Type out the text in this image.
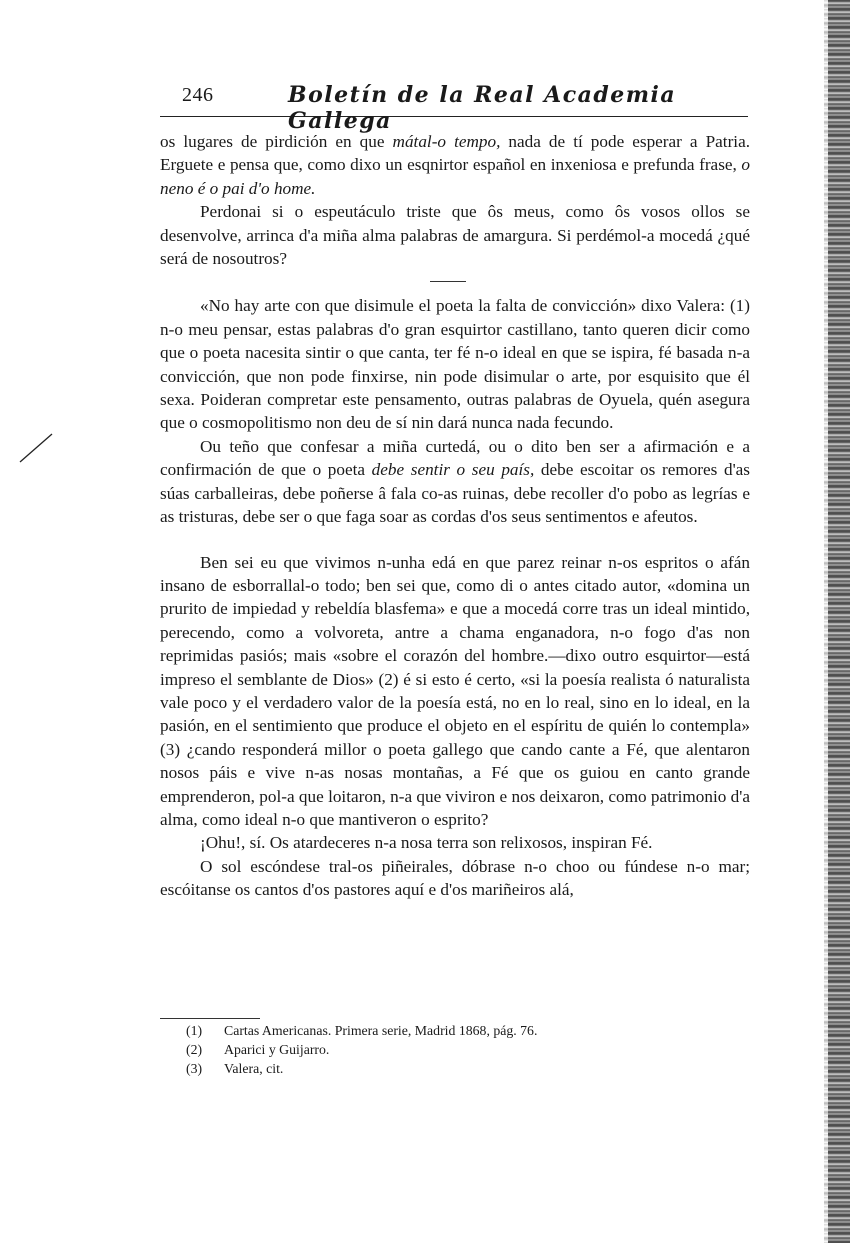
246	Boletín de la Real Academia Gallega

os lugares de pirdición en que mátal-o tempo, nada de tí pode esperar a Patria. Erguete e pensa que, como dixo un esqnirtor español en inxeniosa e prefunda frase, o neno é o pai d'o home.

Perdonai si o espeutáculo triste que ôs meus, como ôs vosos ollos se desenvolve, arrinca d'a miña alma palabras de amargura. Si perdémol-a mocedá ¿qué será de nosoutros?

«No hay arte con que disimule el poeta la falta de convicción» dixo Valera: (1) n-o meu pensar, estas palabras d'o gran esquirtor castillano, tanto queren dicir como que o poeta nacesita sintir o que canta, ter fé n-o ideal en que se ispira, fé basada n-a convicción, que non pode finxirse, nin pode disimular o arte, por esquisito que él sexa. Poideran compretar este pensamento, outras palabras de Oyuela, quén asegura que o cosmopolitismo non deu de sí nin dará nunca nada fecundo.

Ou teño que confesar a miña curtedá, ou o dito ben ser a afirmación e a confirmación de que o poeta debe sentir o seu país, debe escoitar os remores d'as súas carballeiras, debe poñerse â fala co-as ruinas, debe recoller d'o pobo as legrías e as tristuras, debe ser o que faga soar as cordas d'os seus sentimentos e afeutos.

Ben sei eu que vivimos n-unha edá en que parez reinar n-os espritos o afán insano de esborrallal-o todo; ben sei que, como di o antes citado autor, «domina un prurito de impiedad y rebeldía blasfema» e que a mocedá corre tras un ideal mintido, perecendo, como a volvoreta, antre a chama enganadora, n-o fogo d'as non reprimidas pasiós; mais «sobre el corazón del hombre.—dixo outro esquirtor—está impreso el semblante de Dios» (2) é si esto é certo, «si la poesía realista ó naturalista vale poco y el verdadero valor de la poesía está, no en lo real, sino en lo ideal, en la pasión, en el sentimiento que produce el objeto en el espíritu de quién lo contempla» (3) ¿cando responderá millor o poeta gallego que cando cante a Fé, que alentaron nosos páis e vive n-as nosas montañas, a Fé que os guiou en canto grande emprenderon, pol-a que loitaron, n-a que viviron e nos deixaron, como patrimonio d'a alma, como ideal n-o que mantiveron o esprito?

¡Ohu!, sí. Os atardeceres n-a nosa terra son relixosos, inspiran Fé.

O sol escóndese tral-os piñeirales, dóbrase n-o choo ou fúndese n-o mar; escóitanse os cantos d'os pastores aquí e d'os mariñeiros alá,

(1) Cartas Americanas. Primera serie, Madrid 1868, pág. 76.
(2) Aparici y Guijarro.
(3) Valera, cit.
